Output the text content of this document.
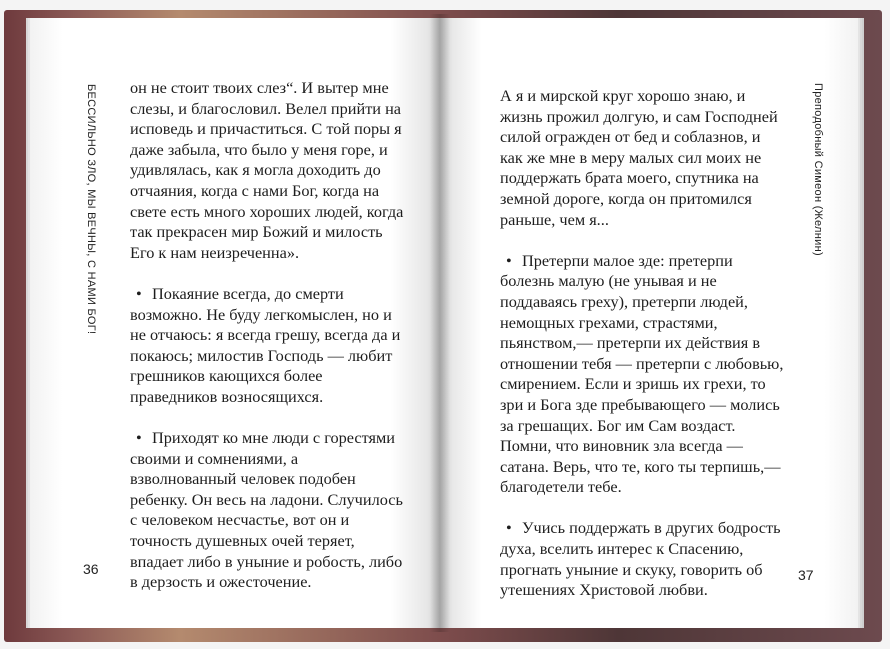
БЕССИЛЬНО ЗЛО, МЫ ВЕЧНЫ, С НАМИ БОГ! он не стоит твоих слез“. И вытер мне слезы, и благословил. Велел прийти на исповедь и причаститься. С той поры я даже забыла, что было у меня горе, и удивлялась, как я могла доходить до отчаяния, когда с нами Бог, когда на свете есть много хороших людей, когда так прекрасен мир Божий и милость Его к нам неизреченна».

• Покаяние всегда, до смерти возможно. Не буду легкомыслен, но и не отчаюсь: я всегда грешу, всегда да и покаюсь; милостив Господь — любит грешников кающихся более праведников возносящихся.

• Приходят ко мне люди с горестями своими и сомнениями, а взволнованный человек подобен ребенку. Он весь на ладони. Случилось с человеком несчастье, вот он и точность душевных очей теряет, впадает либо в уныние и робость, либо в дерзость и ожесточение.

36
Преподобный Симеон (Желнин)

А я и мирской круг хорошо знаю, и жизнь прожил долгую, и сам Господней силой огражден от бед и соблазнов, и как же мне в меру малых сил моих не поддержать брата моего, спутника на земной дороге, когда он притомился раньше, чем я...

• Претерпи малое зде: претерпи болезнь малую (не унывая и не поддаваясь греху), претерпи людей, немощных грехами, страстями, пьянством,— претерпи их действия в отношении тебя — претерпи с любовью, смирением. Если и зришь их грехи, то зри и Бога зде пребывающего — молись за грешащих. Бог им Сам воздаст. Помни, что виновник зла всегда — сатана. Верь, что те, кого ты терпишь,— благодетели тебе.

• Учись поддержать в других бодрость духа, вселить интерес к Спасению, прогнать уныние и скуку, говорить об утешениях Христовой любви.

37
